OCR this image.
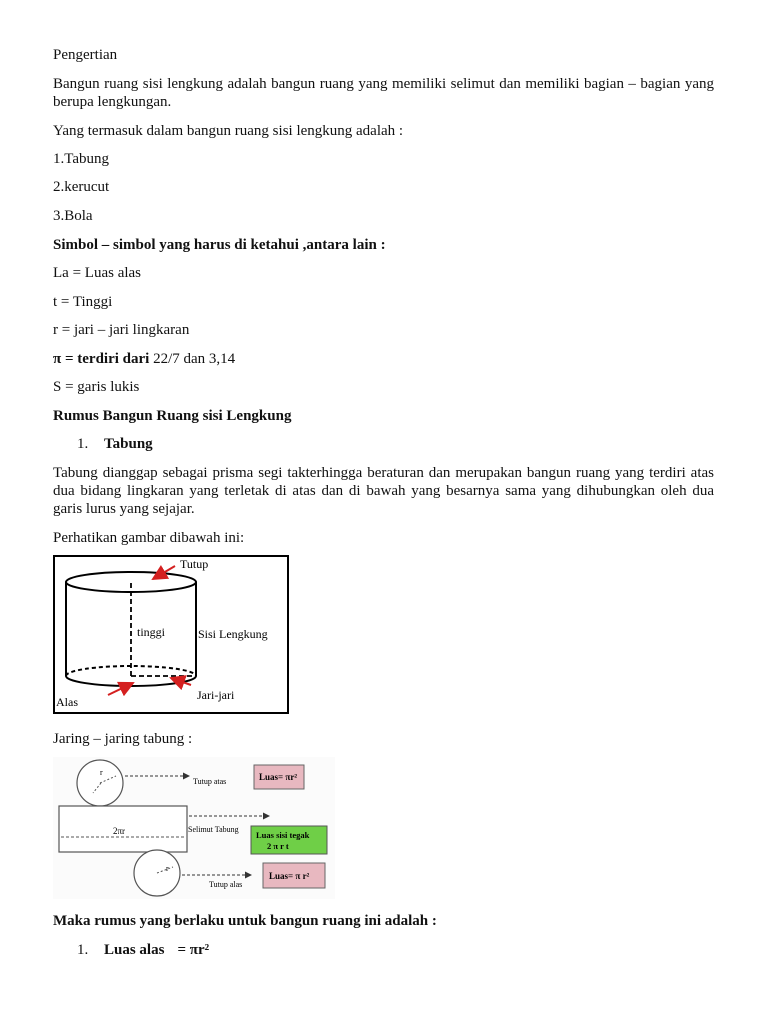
Pengertian
Bangun ruang sisi lengkung adalah bangun ruang yang memiliki selimut dan memiliki bagian – bagian yang berupa lengkungan.
Yang termasuk dalam bangun ruang sisi lengkung adalah :
1.Tabung
2.kerucut
3.Bola
Simbol – simbol yang harus di ketahui ,antara lain :
La = Luas alas
t = Tinggi
r = jari – jari lingkaran
π = terdiri dari 22/7 dan 3,14
S = garis lukis
Rumus Bangun Ruang sisi Lengkung
1. Tabung
Tabung dianggap sebagai prisma segi takterhingga beraturan dan merupakan bangun ruang yang terdiri atas dua bidang lingkaran yang terletak di atas dan di bawah yang besarnya sama yang dihubungkan oleh dua garis lurus yang sejajar.
Perhatikan gambar dibawah ini:
Tutup
tinggi	Sisi Lengkung
Jari-jari
Alas
Jaring – jaring tabung :
r
Tutup atas	Luas= πr²
2πr	Selimut Tabung
Luas sisi tegak
2 π r t
r
Tutup alas
Luas= π r²
Maka rumus yang berlaku untuk bangun ruang ini adalah :
1. Luas alas = πr²
